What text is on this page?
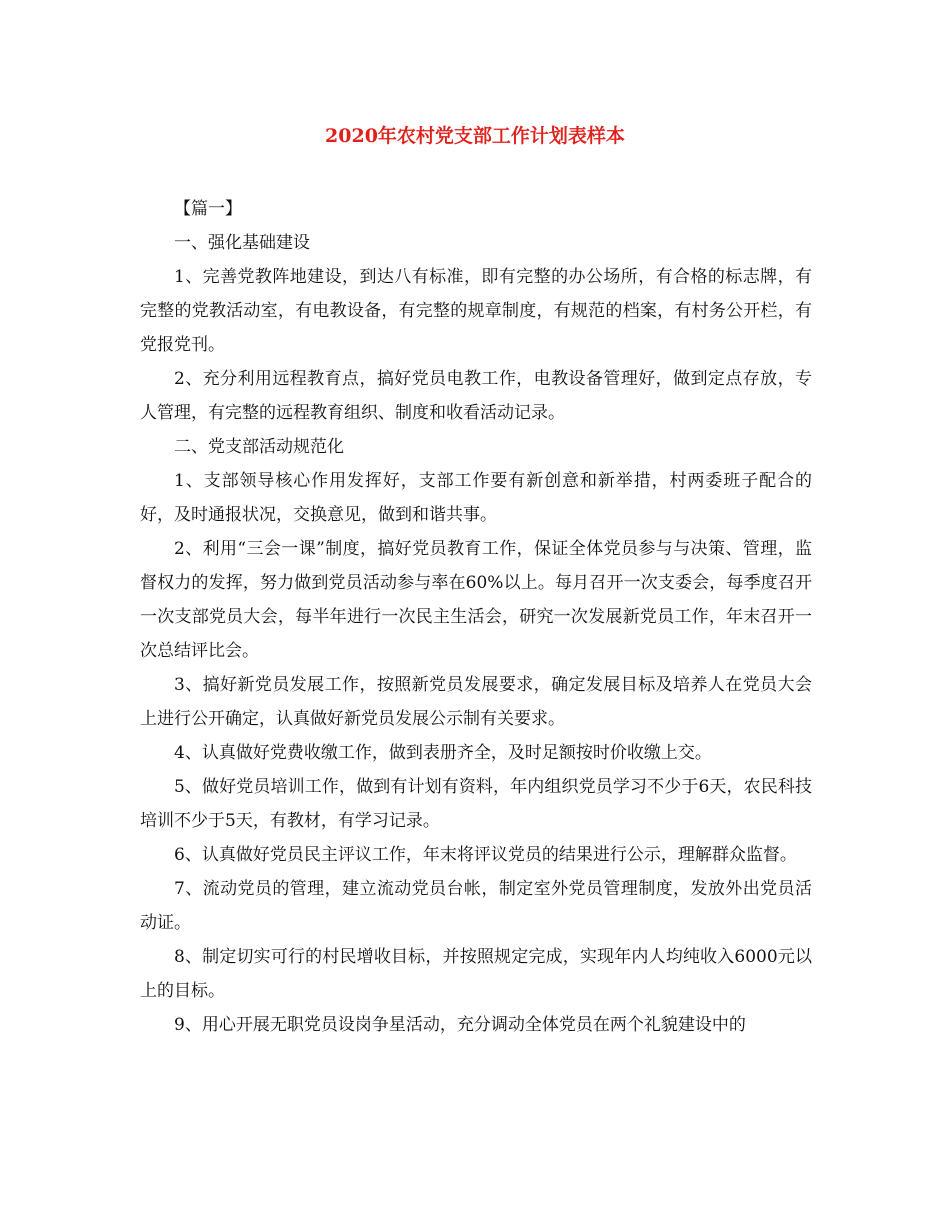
2020年农村党支部工作计划表样本

【篇一】

一、强化基础建设

1、完善党教阵地建设，到达八有标准，即有完整的办公场所，有合格的标志牌，有完整的党教活动室，有电教设备，有完整的规章制度，有规范的档案，有村务公开栏，有党报党刊。

2、充分利用远程教育点，搞好党员电教工作，电教设备管理好，做到定点存放，专人管理，有完整的远程教育组织、制度和收看活动记录。

二、党支部活动规范化

1、支部领导核心作用发挥好，支部工作要有新创意和新举措，村两委班子配合的好，及时通报状况，交换意见，做到和谐共事。

2、利用“三会一课”制度，搞好党员教育工作，保证全体党员参与与决策、管理，监督权力的发挥，努力做到党员活动参与率在60%以上。每月召开一次支委会，每季度召开一次支部党员大会，每半年进行一次民主生活会，研究一次发展新党员工作，年末召开一次总结评比会。

3、搞好新党员发展工作，按照新党员发展要求，确定发展目标及培养人在党员大会上进行公开确定，认真做好新党员发展公示制有关要求。

4、认真做好党费收缴工作，做到表册齐全，及时足额按时价收缴上交。

5、做好党员培训工作，做到有计划有资料，年内组织党员学习不少于6天，农民科技培训不少于5天，有教材，有学习记录。

6、认真做好党员民主评议工作，年末将评议党员的结果进行公示，理解群众监督。

7、流动党员的管理，建立流动党员台帐，制定室外党员管理制度，发放外出党员活动证。

8、制定切实可行的村民增收目标，并按照规定完成，实现年内人均纯收入6000元以上的目标。

9、用心开展无职党员设岗争星活动，充分调动全体党员在两个礼貌建设中的
